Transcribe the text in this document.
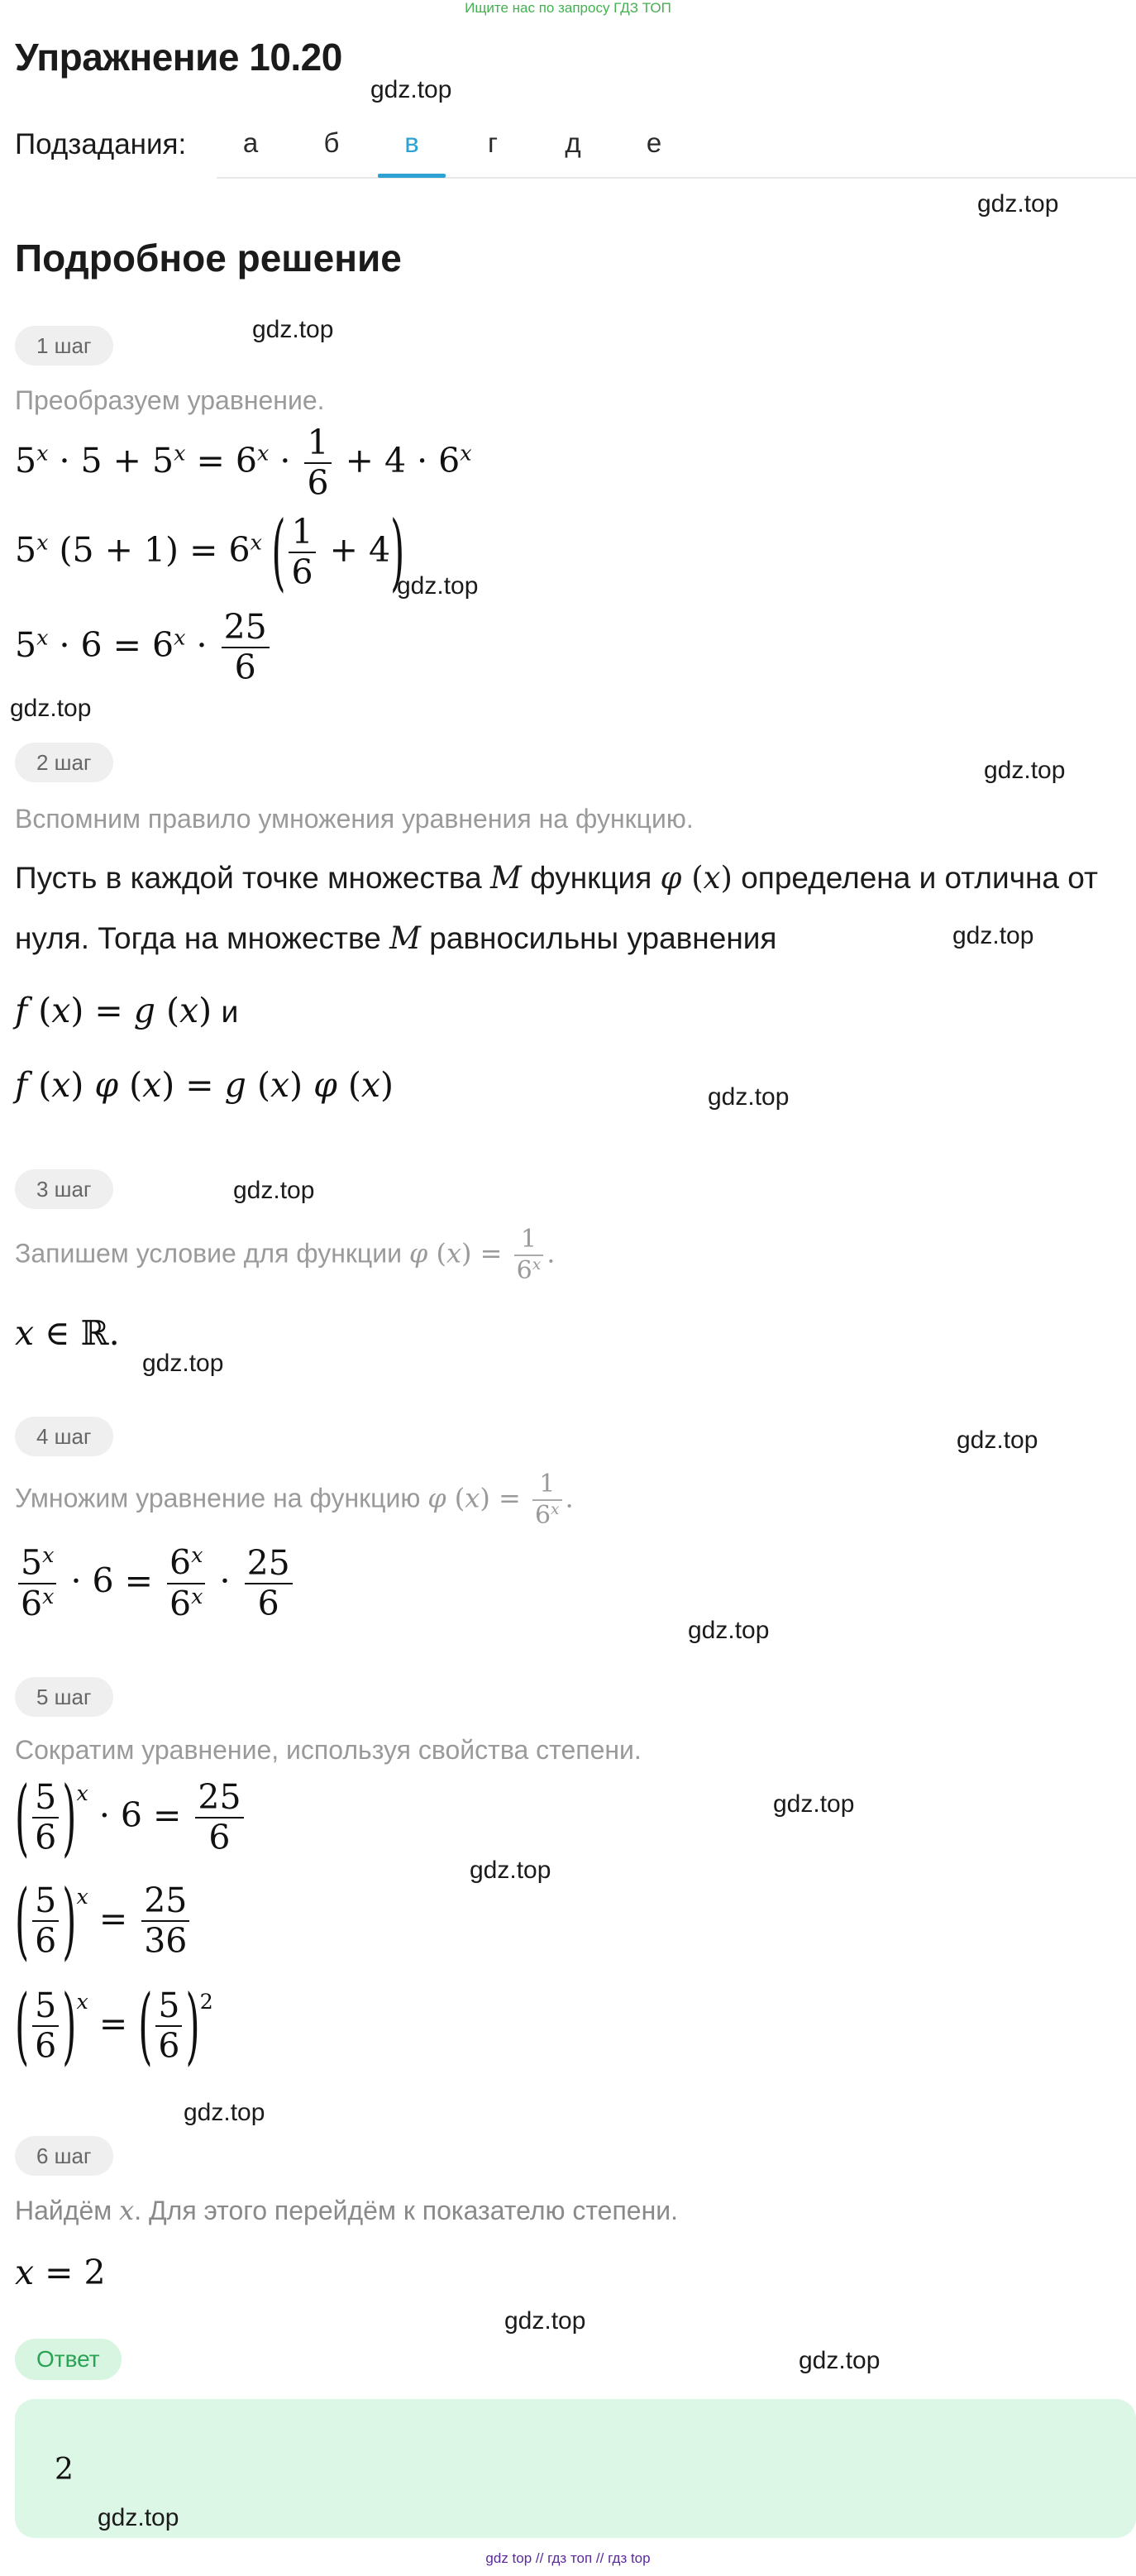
Ищите нас по запросу ГДЗ ТОП
Упражнение 10.20
gdz.top
Подзадания:	а	б	в	г	д	е
gdz.top
Подробное решение
1 шаг
gdz.top
Преобразуем уравнение.
$5^x \cdot 5 + 5^x = 6^x \cdot \frac{1}{6} + 4 \cdot 6^x$
5$^x$ $(5 + 1) = 6^x$ ( $\frac{1}{6} + 4$)
gdz.top
$5^x \cdot 6 = 6^x \cdot \frac{25}{6}$
gdz.top
2 шаг	gdz.top
Вспомним правило умножения уравнения на функцию.
Пусть в каждой точке множества M функция φ (x) определена и отлична от
нуля. Тогда на множестве M равносильны уравнения	gdz.top
f (x) = g (x) и
f (x) φ (x) = g (x) φ (x)	gdz.top
3 шаг	gdz.top
Запишем условие для функции φ $(x) = \frac{1}{6^x}$ .
x ∈ ℝ.
gdz.top
4 шаг	gdz.top
Умножим уравнение на функцию φ $(x) = \frac{1}{6^x}$ .
$\frac{5^x}{6^x} \cdot 6 = \frac{6^x}{6^x} \cdot \frac{25}{6}$
gdz.top
5 шаг
Сократим уравнение, используя свойства степени.
( $\frac{5}{6} )^x \cdot 6 = \frac{25}{6}$	gdz.top
gdz.top
( $\frac{5}{6} )^x = \frac{25}{36}$
( $\frac{5}{6} )^x$ = ( $\frac{5}{6} )^2$
gdz.top
6 шаг
Найдём x. Для этого перейдём к показателю степени.
x = 2
gdz.top
Ответ	gdz.top
2
gdz.top
gdz top // гдз топ // гдз top
